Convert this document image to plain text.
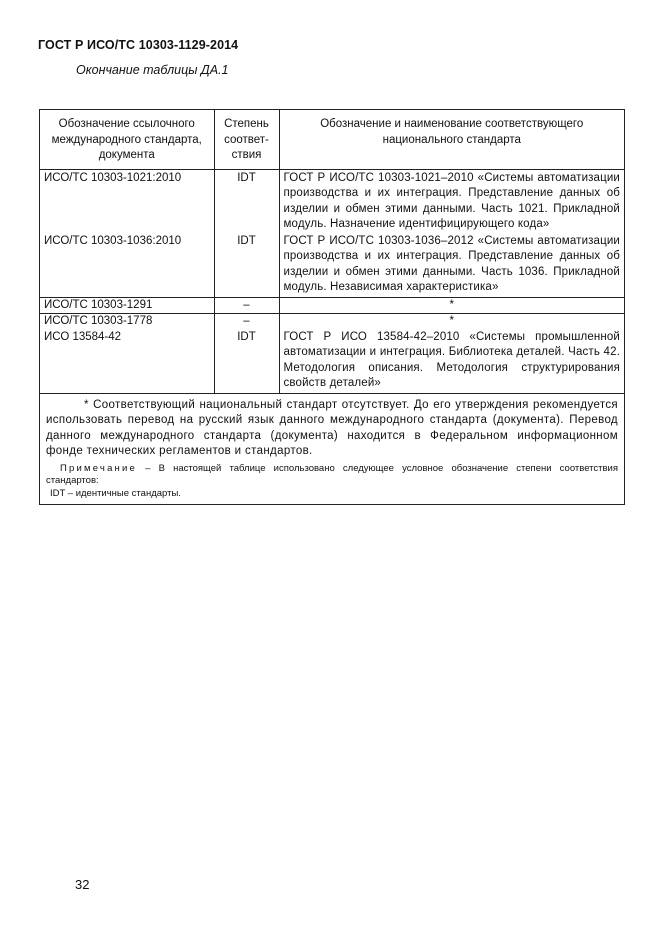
ГОСТ Р ИСО/ТС 10303-1129-2014
Окончание таблицы ДА.1
Обозначение ссылочного международного стандарта, документа	Степень соответ-ствия	Обозначение и наименование соответствующего национального стандарта
ИСО/ТС 10303-1021:2010	IDT	ГОСТ Р ИСО/ТС 10303-1021–2010 «Системы автоматизации производства и их интеграция. Представление данных об изделии и обмен этими данными. Часть 1021. Прикладной модуль. Назначение идентифицирующего кода»
ИСО/ТС 10303-1036:2010	IDT	ГОСТ Р ИСО/ТС 10303-1036–2012 «Системы автоматизации производства и их интеграция. Представление данных об изделии и обмен этими данными. Часть 1036. Прикладной модуль. Независимая характеристика»
ИСО/ТС 10303-1291	–	*
ИСО/ТС 10303-1778	–	*
ИСО 13584-42	IDT	ГОСТ Р ИСО 13584-42–2010 «Системы промышленной автоматизации и интеграция. Библиотека деталей. Часть 42. Методология описания. Методология структурирования свойств деталей»

* Соответствующий национальный стандарт отсутствует. До его утверждения рекомендуется использовать перевод на русский язык данного международного стандарта (документа). Перевод данного международного стандарта (документа) находится в Федеральном информационном фонде технических регламентов и стандартов.

Примечание – В настоящей таблице использовано следующее условное обозначение степени соответствия стандартов:

IDT – идентичные стандарты.		

32
